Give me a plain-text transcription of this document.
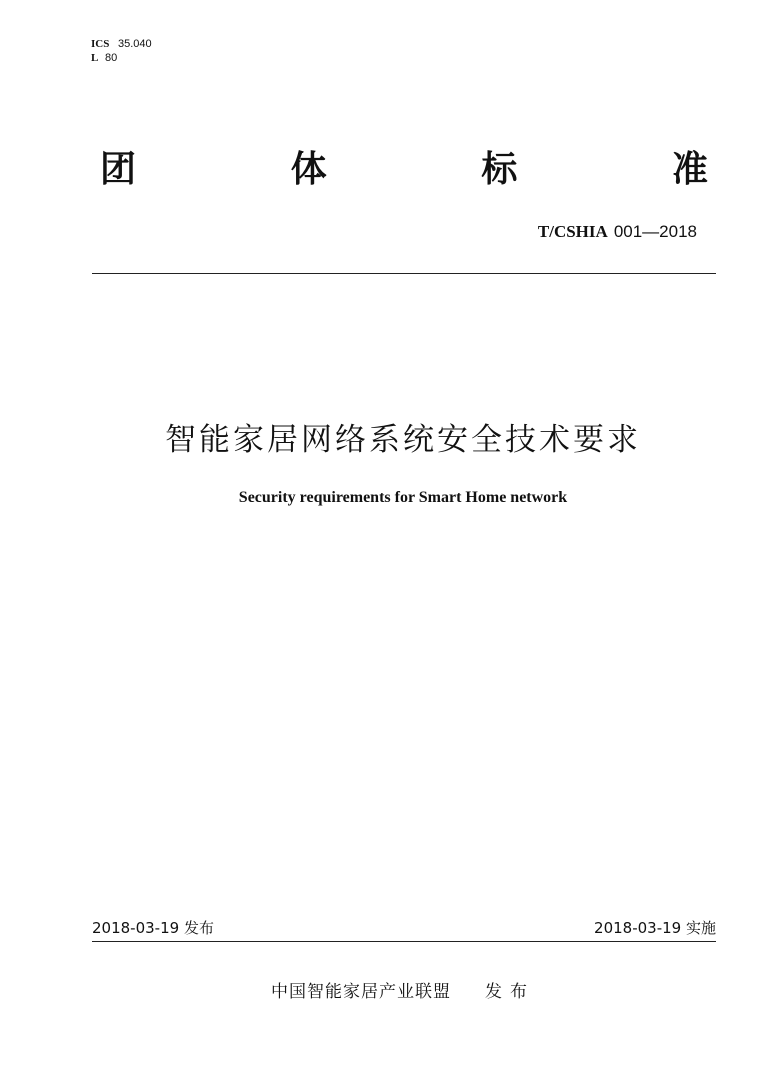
ICS 35.040
L 80
团	体	标	准
T/CSHIA 001—2018
智能家居网络系统安全技术要求
Security requirements for Smart Home network
2018-03-19 发布	2018-03-19 实施
中国智能家居产业联盟 发布
